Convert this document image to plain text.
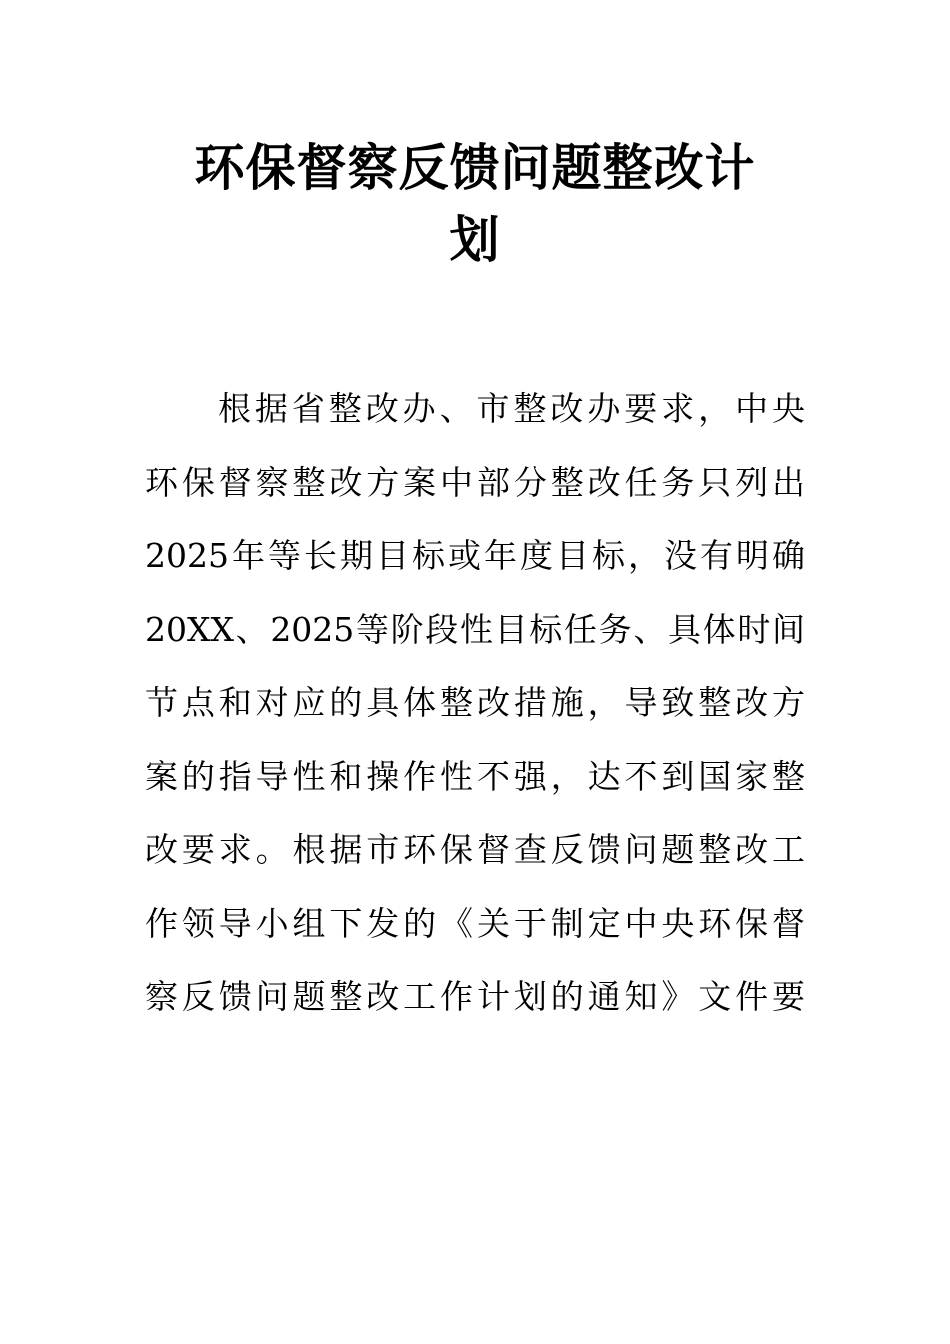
环保督察反馈问题整改计
划
根据省整改办、市整改办要求，中央
环保督察整改方案中部分整改任务只列出
2025年等长期目标或年度目标，没有明确
20XX、2025等阶段性目标任务、具体时间
节点和对应的具体整改措施，导致整改方
案的指导性和操作性不强，达不到国家整
改要求。根据市环保督查反馈问题整改工
作领导小组下发的《关于制定中央环保督
察反馈问题整改工作计划的通知》文件要
